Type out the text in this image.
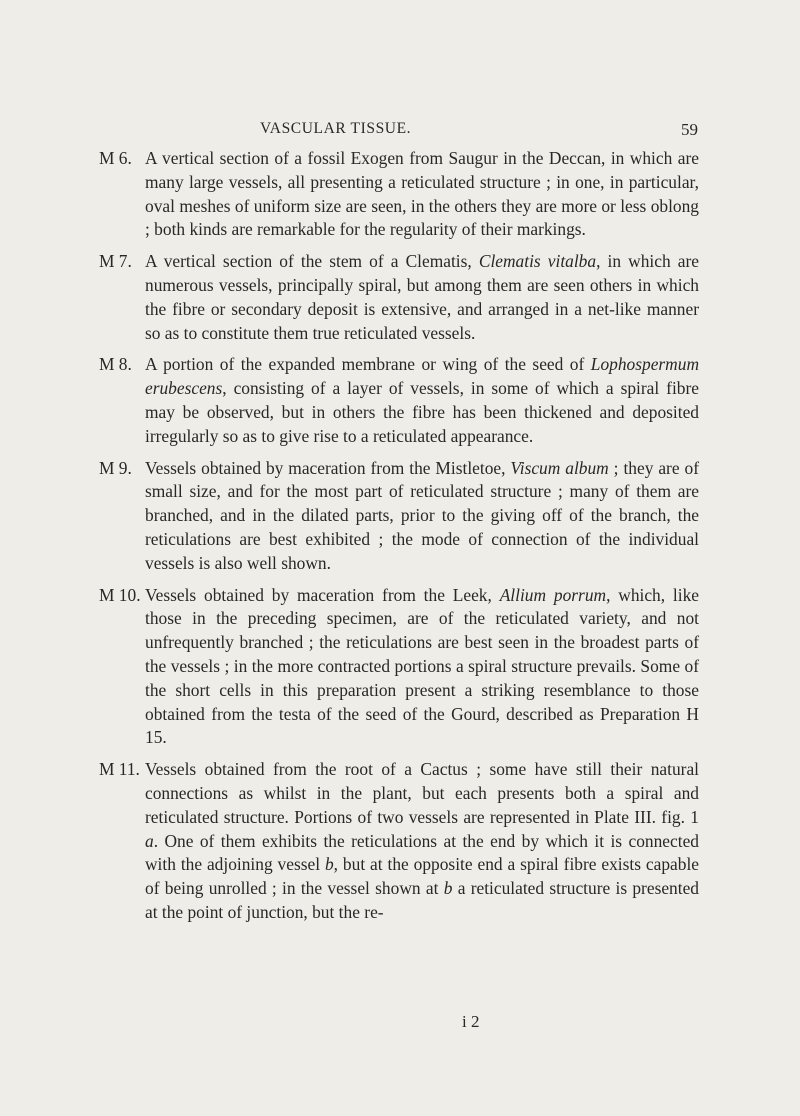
VASCULAR TISSUE.	59
M 6. A vertical section of a fossil Exogen from Saugur in the Deccan, in which are many large vessels, all presenting a reticulated structure ; in one, in particular, oval meshes of uniform size are seen, in the others they are more or less oblong ; both kinds are remarkable for the regularity of their markings.
M 7. A vertical section of the stem of a Clematis, Clematis vitalba, in which are numerous vessels, principally spiral, but among them are seen others in which the fibre or secondary deposit is extensive, and arranged in a net-like manner so as to constitute them true reticulated vessels.
M 8. A portion of the expanded membrane or wing of the seed of Lophospermum erubescens, consisting of a layer of vessels, in some of which a spiral fibre may be observed, but in others the fibre has been thickened and deposited irregularly so as to give rise to a reticulated appearance.
M 9. Vessels obtained by maceration from the Mistletoe, Viscum album ; they are of small size, and for the most part of reticulated structure ; many of them are branched, and in the dilated parts, prior to the giving off of the branch, the reticulations are best exhibited ; the mode of connection of the individual vessels is also well shown.
M 10. Vessels obtained by maceration from the Leek, Allium porrum, which, like those in the preceding specimen, are of the reticulated variety, and not unfrequently branched ; the reticulations are best seen in the broadest parts of the vessels ; in the more contracted portions a spiral structure prevails. Some of the short cells in this preparation present a striking resemblance to those obtained from the testa of the seed of the Gourd, described as Preparation H 15.
M 11. Vessels obtained from the root of a Cactus ; some have still their natural connections as whilst in the plant, but each presents both a spiral and reticulated structure. Portions of two vessels are represented in Plate III. fig. 1 a. One of them exhibits the reticulations at the end by which it is connected with the adjoining vessel b, but at the opposite end a spiral fibre exists capable of being unrolled ; in the vessel shown at b a reticulated structure is presented at the point of junction, but the re-
i 2
